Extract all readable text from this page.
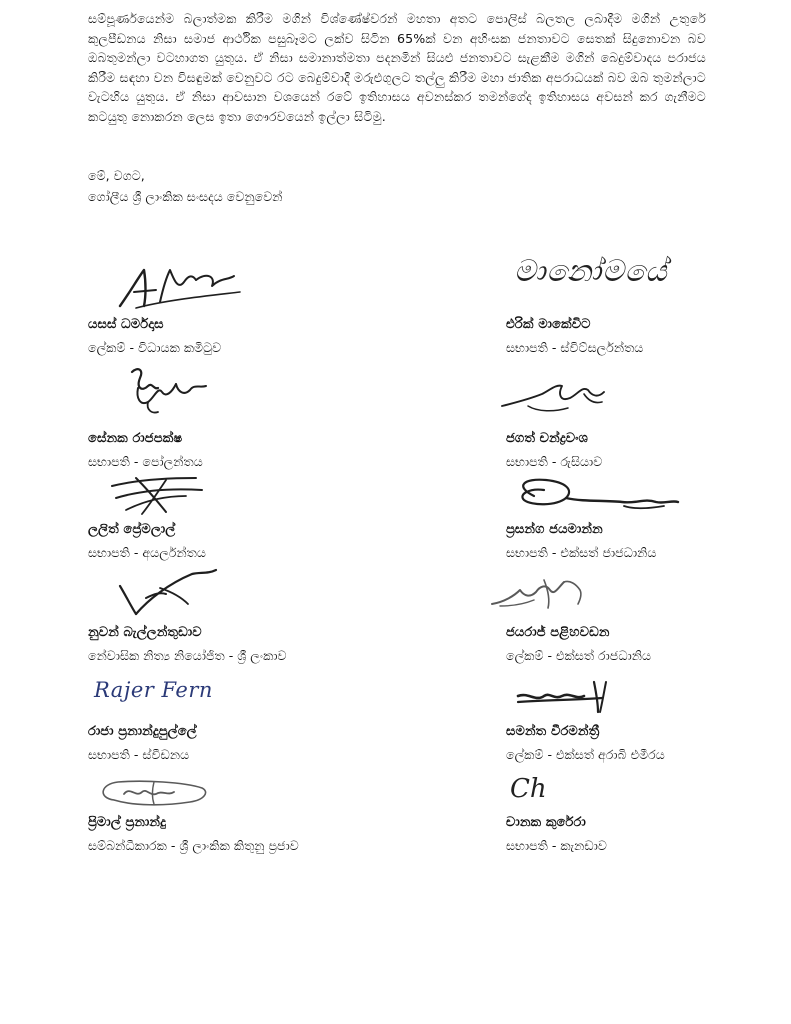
සම්පූර්ණයෙන්ම බලාත්මක කිරීම මගින් විශ්ණේෂ්වරන් මහතා අතට පොලිස් බලතල ලබාදීම මගින් උතුරේ කුලපීඩනය නිසා සමාජ ආර්ථික පසුබෑමට ලක්ව සිටින 65%ක් වන අහිංසක ජනතාවට සෙතක් සිදුනොවන බව ඔබතුමන්ලා වටහාගත යුතුය. ඒ නිසා සමානාත්මතා පදනමින් සියළු ජනතාවට සැළකීම මගින් බෙදුම්වාදය පරාජය කිරීම සඳහා වන විසඳුමක් වෙනුවට රට බෙදුම්වාදී මරුළුගුලට තල්ලු කිරීම මහා ජාතික අපරාධයක් බව ඔබ තුමන්ලාට වැටහිය යුතුය. ඒ නිසා ආවසාන වශයෙන් රටේ ඉතිහාසය අවනස්කර තමන්ගේද ඉතිහාසය අවසන් කර ගැනීමට කටයුතු නොකරන ලෙස ඉතා ගෞරවයෙන් ඉල්ලා සිටිමු.
මේ, වගට,
ගෝලීය ශ්‍රී ලාංකික සංසදය වෙනුවෙන්
යසස් ධර්මදාස
ලේකම් - විධායක කමිටුව
මානෝමයේ
එරික් මාකේවිට
සභාපති - ස්විට්සර්ලන්තය
සේනක රාජපක්ෂ
සභාපති - පෝලන්තය
ජගත් චන්ද්‍රවංශ
සභාපති - රුසියාව
ලලිත් ප්‍රේමලාල්
සභාපති - අයර්ලන්තය
ප්‍රසන්ග ජයමාන්න
සභාපති - එක්සත් ජාජධානිය
නුවන් බැල්ලන්තුඩාව
නේවාසික නිත්‍ය නියෝජිත - ශ්‍රී ලංකාව
ජයරාජ් පළිහවඩන
ලේකම් - එක්සත් රාජධානිය
Rajer Fern
රාජා ප්‍රනාන්දුපුල්ලේ
සභාපති - ස්වීඩනය
සමන්ත වීරමන්ත්‍රී
ලේකම් - එක්සත් අරාබි එමීරය
ප්‍රිමාල් ප්‍රනාන්දු
සම්බන්ධීකාරක - ශ්‍රී ලාංකික කිතුනු ප්‍රජාව
Ch
චානක කුරේරා
සභාපති - කැනඩාව
